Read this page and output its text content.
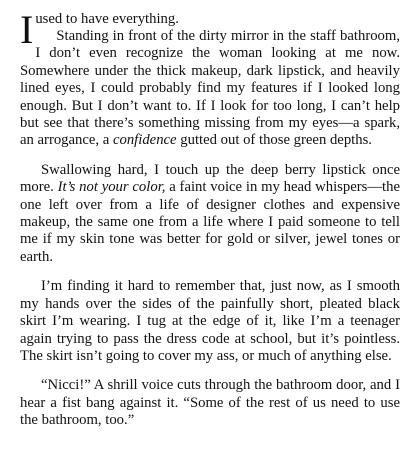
I used to have everything.

Standing in front of the dirty mirror in the staff bathroom, I don’t even recognize the woman looking at me now. Somewhere under the thick makeup, dark lipstick, and heavily lined eyes, I could probably find my features if I looked long enough. But I don’t want to. If I look for too long, I can’t help but see that there’s something missing from my eyes—a spark, an arrogance, a confidence gutted out of those green depths.

Swallowing hard, I touch up the deep berry lipstick once more. It’s not your color, a faint voice in my head whispers—the one left over from a life of designer clothes and expensive makeup, the same one from a life where I paid someone to tell me if my skin tone was better for gold or silver, jewel tones or earth.

I’m finding it hard to remember that, just now, as I smooth my hands over the sides of the painfully short, pleated black skirt I’m wearing. I tug at the edge of it, like I’m a teenager again trying to pass the dress code at school, but it’s pointless. The skirt isn’t going to cover my ass, or much of anything else.

“Nicci!” A shrill voice cuts through the bathroom door, and I hear a fist bang against it. “Some of the rest of us need to use the bathroom, too.”
